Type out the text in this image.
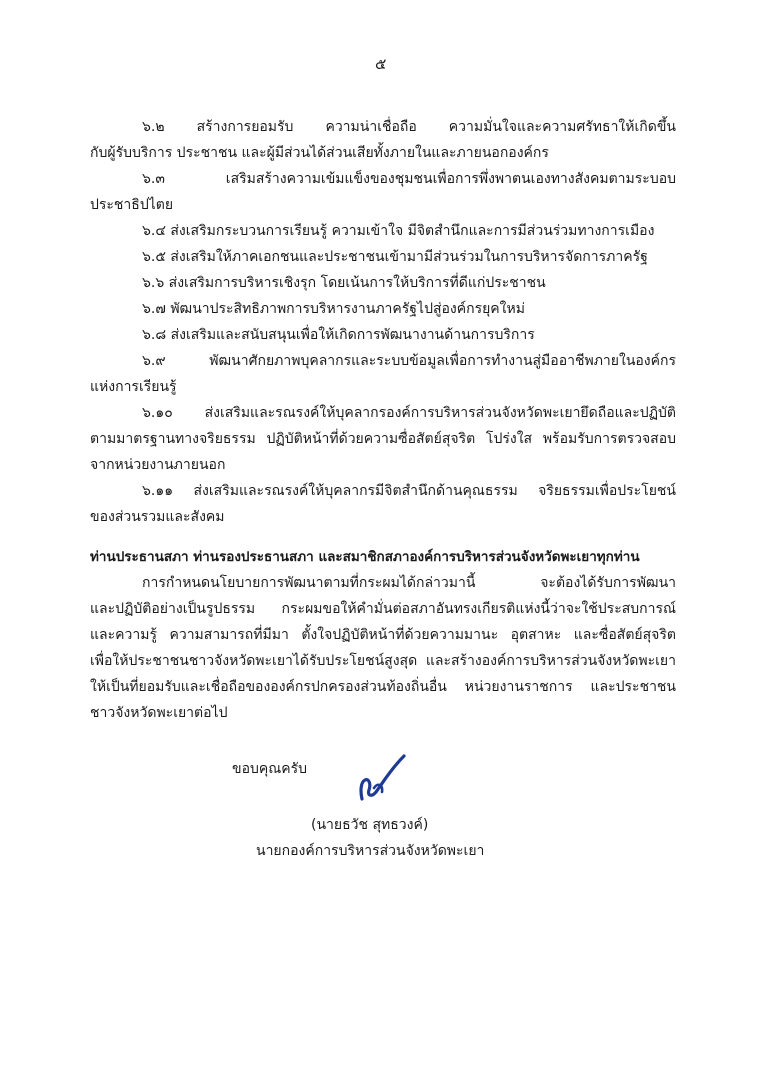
๕
๖.๒ สร้างการยอมรับ ความน่าเชื่อถือ ความมั่นใจและความศรัทธาให้เกิดขึ้น
กับผู้รับบริการ ประชาชน และผู้มีส่วนได้ส่วนเสียทั้งภายในและภายนอกองค์กร
๖.๓ เสริมสร้างความเข้มแข็งของชุมชนเพื่อการพึ่งพาตนเองทางสังคมตามระบอบ
ประชาธิปไตย
๖.๔ ส่งเสริมกระบวนการเรียนรู้ ความเข้าใจ มีจิตสำนึกและการมีส่วนร่วมทางการเมือง
๖.๕ ส่งเสริมให้ภาคเอกชนและประชาชนเข้ามามีส่วนร่วมในการบริหารจัดการภาครัฐ
๖.๖ ส่งเสริมการบริหารเชิงรุก โดยเน้นการให้บริการที่ดีแก่ประชาชน
๖.๗ พัฒนาประสิทธิภาพการบริหารงานภาครัฐไปสู่องค์กรยุคใหม่
๖.๘ ส่งเสริมและสนับสนุนเพื่อให้เกิดการพัฒนางานด้านการบริการ
๖.๙ พัฒนาศักยภาพบุคลากรและระบบข้อมูลเพื่อการทำงานสู่มืออาชีพภายในองค์กร
แห่งการเรียนรู้
๖.๑๐ ส่งเสริมและรณรงค์ให้บุคลากรองค์การบริหารส่วนจังหวัดพะเยายึดถือและปฏิบัติ
ตามมาตรฐานทางจริยธรรม ปฏิบัติหน้าที่ด้วยความซื่อสัตย์สุจริต โปร่งใส พร้อมรับการตรวจสอบ
จากหน่วยงานภายนอก
๖.๑๑ ส่งเสริมและรณรงค์ให้บุคลากรมีจิตสำนึกด้านคุณธรรม จริยธรรมเพื่อประโยชน์
ของส่วนรวมและสังคม
ท่านประธานสภา ท่านรองประธานสภา และสมาชิกสภาองค์การบริหารส่วนจังหวัดพะเยาทุกท่าน
การกำหนดนโยบายการพัฒนาตามที่กระผมได้กล่าวมานี้ จะต้องได้รับการพัฒนา
และปฏิบัติอย่างเป็นรูปธรรม กระผมขอให้คำมั่นต่อสภาอันทรงเกียรติแห่งนี้ว่าจะใช้ประสบการณ์
และความรู้ ความสามารถที่มีมา ตั้งใจปฏิบัติหน้าที่ด้วยความมานะ อุตสาหะ และซื่อสัตย์สุจริต
เพื่อให้ประชาชนชาวจังหวัดพะเยาได้รับประโยชน์สูงสุด และสร้างองค์การบริหารส่วนจังหวัดพะเยา
ให้เป็นที่ยอมรับและเชื่อถือขององค์กรปกครองส่วนท้องถิ่นอื่น หน่วยงานราชการ และประชาชน
ชาวจังหวัดพะเยาต่อไป
ขอบคุณครับ
(นายธวัช สุทธวงค์)
นายกองค์การบริหารส่วนจังหวัดพะเยา
